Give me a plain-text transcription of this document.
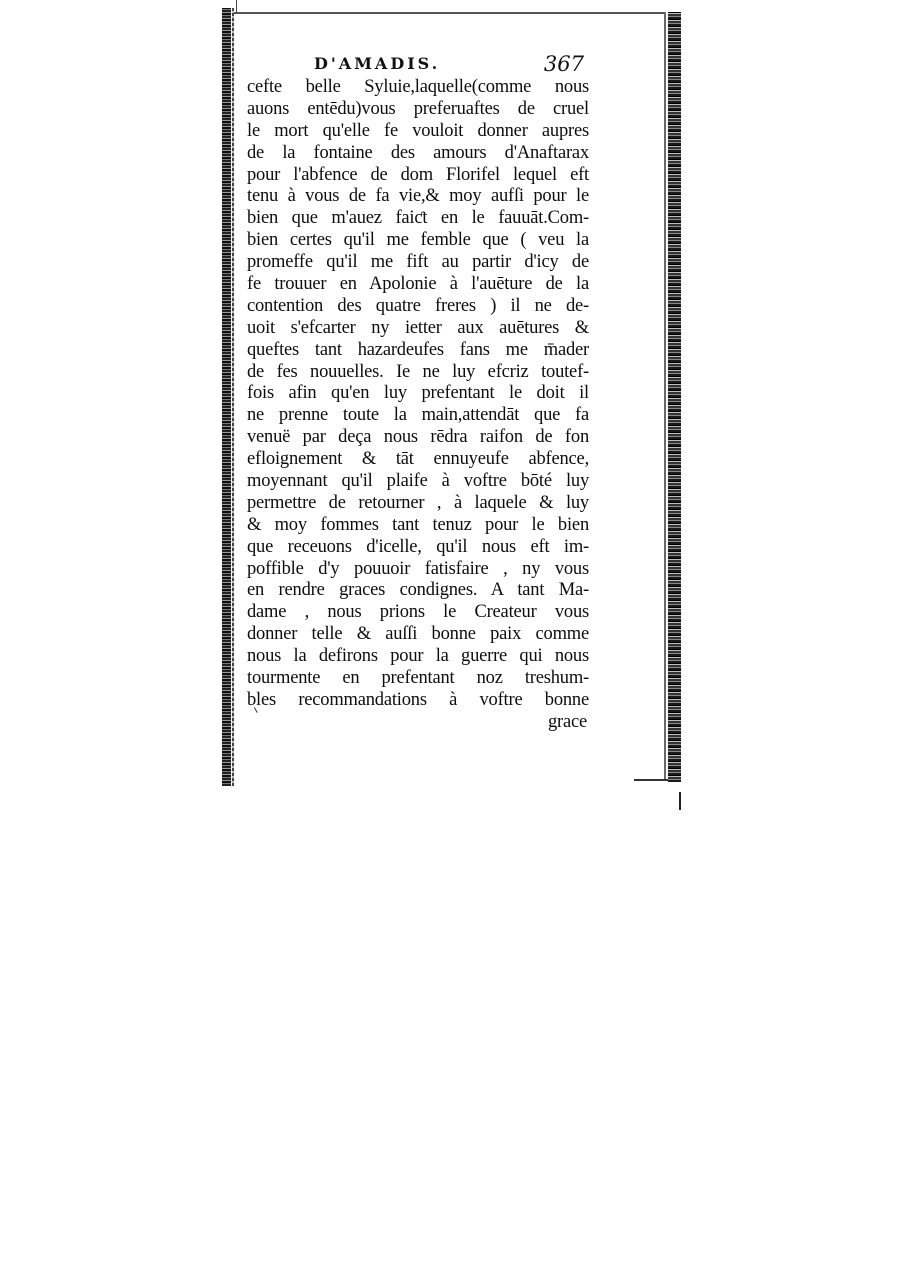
D'AMADIS.	367
cefte belle Syluie,laquelle(comme nous
auons entēdu)vous preferuaftes de cruel
le mort qu'elle fe vouloit donner aupres
de la fontaine des amours d'Anaftarax
pour l'abfence de dom Florifel lequel eft
tenu à vous de fa vie,& moy aufſi pour le
bien que m'auez faiƈt en le fauuāt.Com-
bien certes qu'il me femble que ( veu la
promeffe qu'il me fift au partir d'icy de
fe trouuer en Apolonie à l'auēture de la
contention des quatre freres ) il ne de-
uoit s'efcarter ny ietter aux auētures &
queftes tant hazardeufes fans me m̄ader
de fes nouuelles. Ie ne luy efcriz toutef-
fois afin qu'en luy prefentant le doit il
ne prenne toute la main,attendāt que fa
venuë par deça nous rēdra raifon de fon
efloignement & tāt ennuyeufe abfence,
moyennant qu'il plaife à voftre bōté luy
permettre de retourner , à laquele & luy
& moy fommes tant tenuz pour le bien
que receuons d'icelle, qu'il nous eft im-
poffible d'y pouuoir fatisfaire , ny vous
en rendre graces condignes. A tant Ma-
dame , nous prions le Createur vous
donner telle & auſſi bonne paix comme
nous la defirons pour la guerre qui nous
tourmente en prefentant noz treshum-
bles recommandations à voftre bonne
grace
